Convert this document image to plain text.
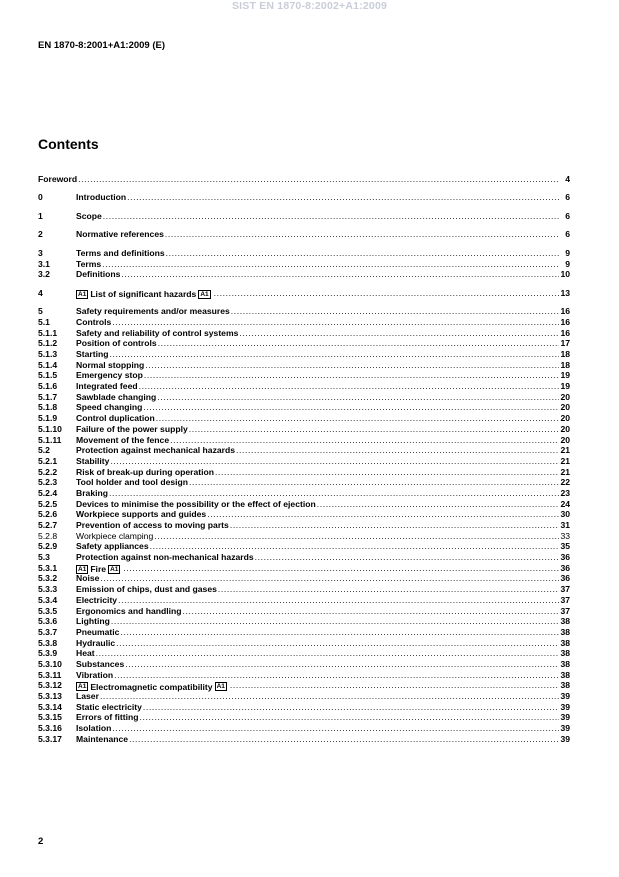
SIST EN 1870-8:2002+A1:2009
EN 1870-8:2001+A1:2009 (E)
Contents
Foreword .....	4
0	Introduction .....	6
1	Scope .....	6
2	Normative references .....	6
3	Terms and definitions .....	9
3.1	Terms .....	9
3.2	Definitions .....	10
4	A1 List of significant hazards A1 .....	13
5	Safety requirements and/or measures .....	16
5.1	Controls .....	16
5.1.1	Safety and reliability of control systems .....	16
5.1.2	Position of controls .....	17
5.1.3	Starting .....	18
5.1.4	Normal stopping .....	18
5.1.5	Emergency stop .....	19
5.1.6	Integrated feed .....	19
5.1.7	Sawblade changing .....	20
5.1.8	Speed changing .....	20
5.1.9	Control duplication .....	20
5.1.10	Failure of the power supply .....	20
5.1.11	Movement of the fence .....	20
5.2	Protection against mechanical hazards .....	21
5.2.1	Stability .....	21
5.2.2	Risk of break-up during operation .....	21
5.2.3	Tool holder and tool design .....	22
5.2.4	Braking .....	23
5.2.5	Devices to minimise the possibility or the effect of ejection .....	24
5.2.6	Workpiece supports and guides .....	30
5.2.7	Prevention of access to moving parts .....	31
5.2.8	Workpiece clamping .....	33
5.2.9	Safety appliances .....	35
5.3	Protection against non-mechanical hazards .....	36
5.3.1	A1 Fire A1 .....	36
5.3.2	Noise .....	36
5.3.3	Emission of chips, dust and gases .....	37
5.3.4	Electricity .....	37
5.3.5	Ergonomics and handling .....	37
5.3.6	Lighting .....	38
5.3.7	Pneumatic .....	38
5.3.8	Hydraulic .....	38
5.3.9	Heat .....	38
5.3.10	Substances .....	38
5.3.11	Vibration .....	38
5.3.12	A1 Electromagnetic compatibility A1 .....	38
5.3.13	Laser .....	39
5.3.14	Static electricity .....	39
5.3.15	Errors of fitting .....	39
5.3.16	Isolation .....	39
5.3.17	Maintenance .....	39
2
